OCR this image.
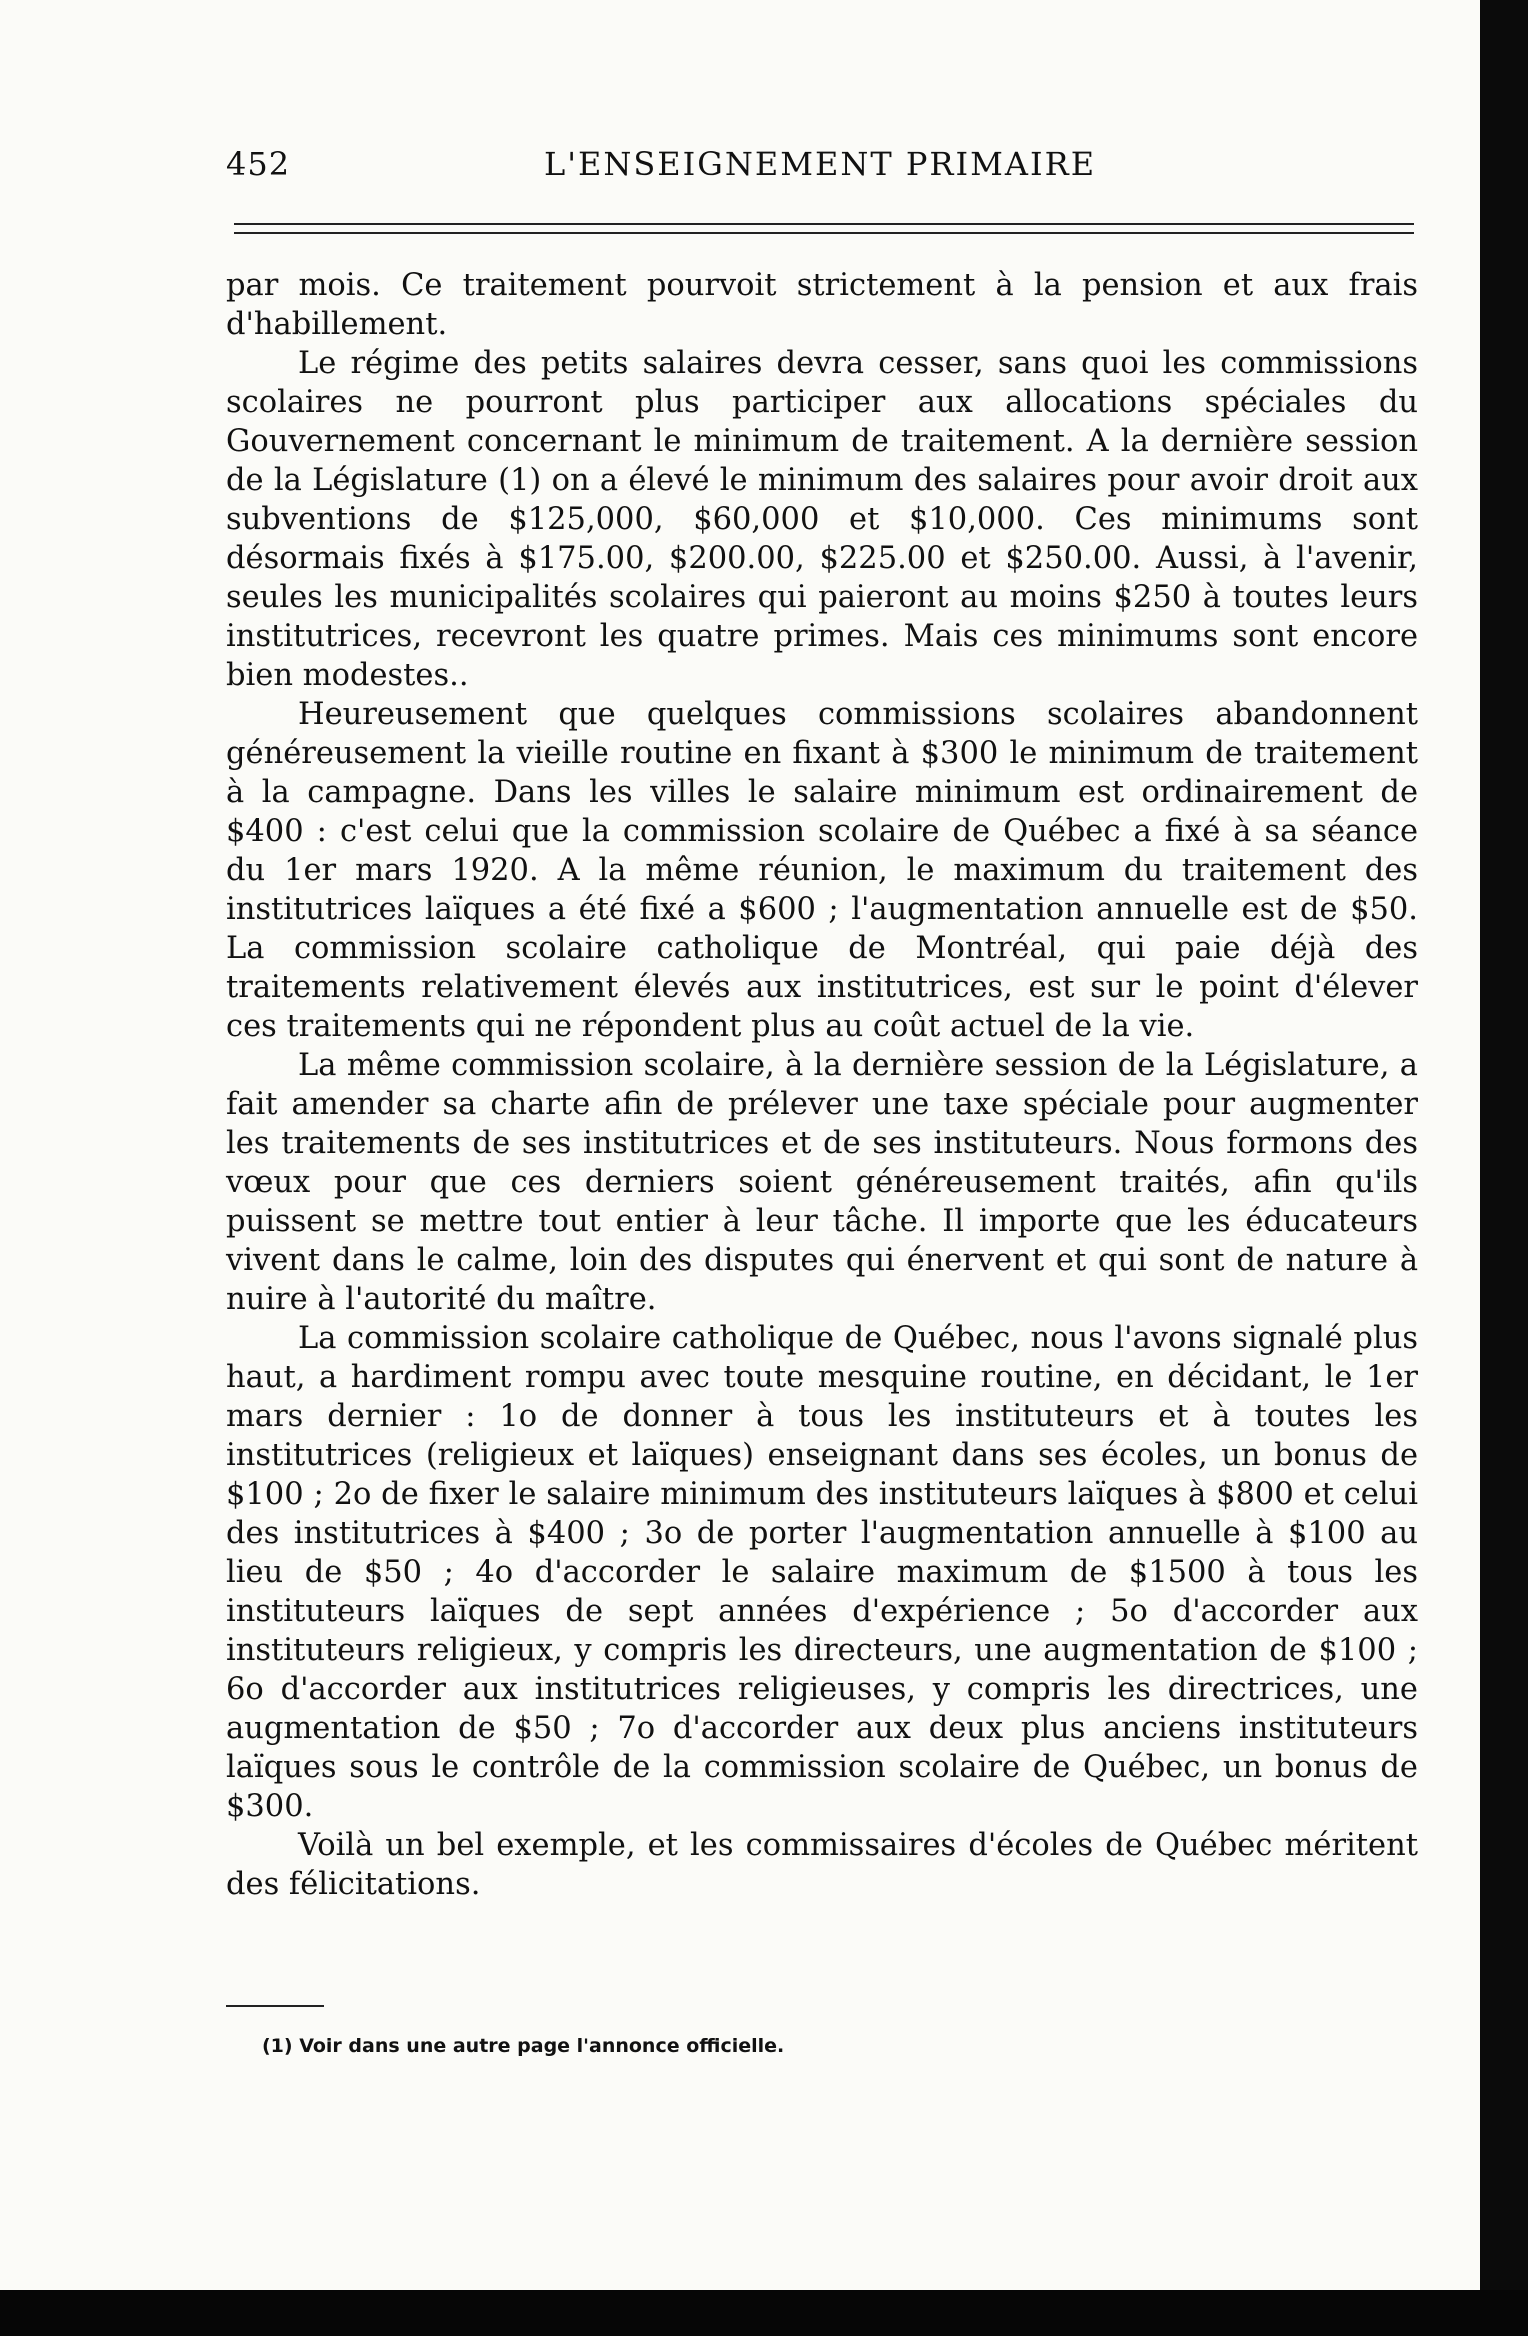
452	L'ENSEIGNEMENT PRIMAIRE

par mois. Ce traitement pourvoit strictement à la pension et aux frais d'habillement.

Le régime des petits salaires devra cesser, sans quoi les commissions scolaires ne pourront plus participer aux allocations spéciales du Gouvernement concernant le minimum de traitement. A la dernière session de la Législature (1) on a élevé le minimum des salaires pour avoir droit aux subventions de $125,000, $60,000 et $10,000. Ces minimums sont désormais fixés à $175.00, $200.00, $225.00 et $250.00. Aussi, à l'avenir, seules les municipalités scolaires qui paieront au moins $250 à toutes leurs institutrices, recevront les quatre primes. Mais ces minimums sont encore bien modestes..

Heureusement que quelques commissions scolaires abandonnent généreusement la vieille routine en fixant à $300 le minimum de traitement à la campagne. Dans les villes le salaire minimum est ordinairement de $400 : c'est celui que la commission scolaire de Québec a fixé à sa séance du 1er mars 1920. A la même réunion, le maximum du traitement des institutrices laïques a été fixé a $600 ; l'augmentation annuelle est de $50. La commission scolaire catholique de Montréal, qui paie déjà des traitements relativement élevés aux institutrices, est sur le point d'élever ces traitements qui ne répondent plus au coût actuel de la vie.

La même commission scolaire, à la dernière session de la Législature, a fait amender sa charte afin de prélever une taxe spéciale pour augmenter les traitements de ses institutrices et de ses instituteurs. Nous formons des vœux pour que ces derniers soient généreusement traités, afin qu'ils puissent se mettre tout entier à leur tâche. Il importe que les éducateurs vivent dans le calme, loin des disputes qui énervent et qui sont de nature à nuire à l'autorité du maître.

La commission scolaire catholique de Québec, nous l'avons signalé plus haut, a hardiment rompu avec toute mesquine routine, en décidant, le 1er mars dernier : 1o de donner à tous les instituteurs et à toutes les institutrices (religieux et laïques) enseignant dans ses écoles, un bonus de $100 ; 2o de fixer le salaire minimum des instituteurs laïques à $800 et celui des institutrices à $400 ; 3o de porter l'augmentation annuelle à $100 au lieu de $50 ; 4o d'accorder le salaire maximum de $1500 à tous les instituteurs laïques de sept années d'expérience ; 5o d'accorder aux instituteurs religieux, y compris les directeurs, une augmentation de $100 ; 6o d'accorder aux institutrices religieuses, y compris les directrices, une augmentation de $50 ; 7o d'accorder aux deux plus anciens instituteurs laïques sous le contrôle de la commission scolaire de Québec, un bonus de $300.

Voilà un bel exemple, et les commissaires d'écoles de Québec méritent des félicitations.

(1) Voir dans une autre page l'annonce officielle.
